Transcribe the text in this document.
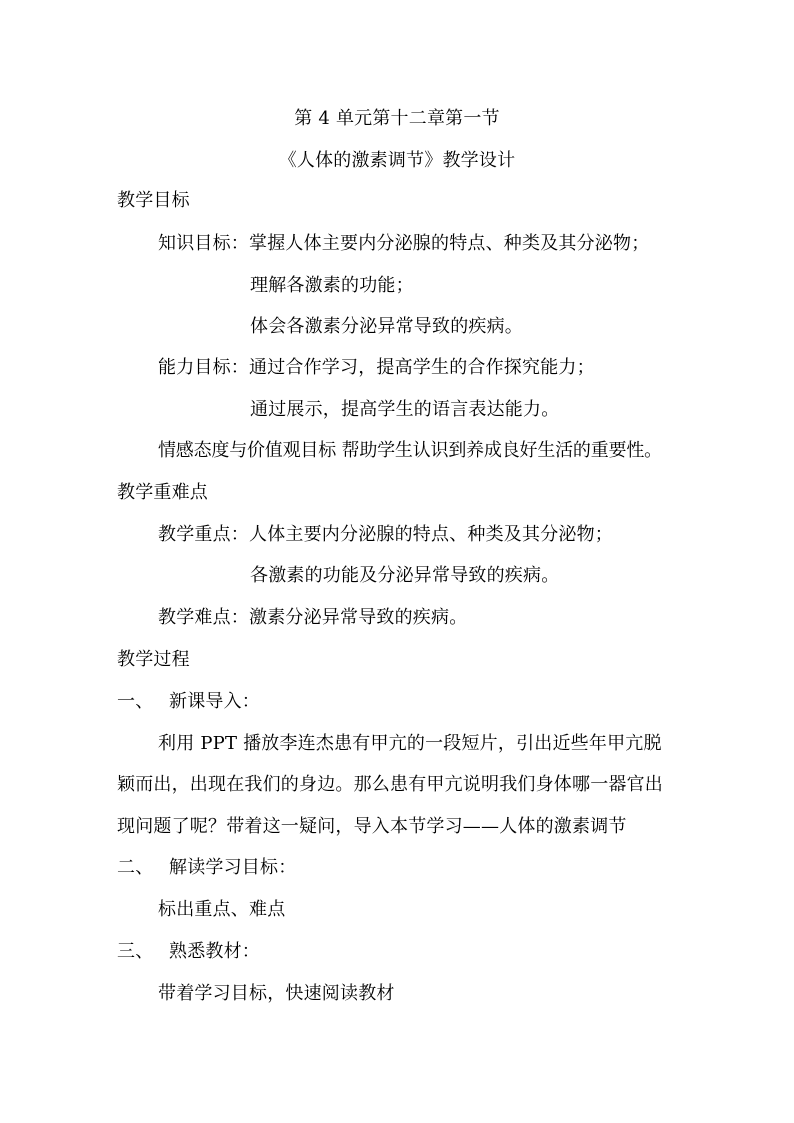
第 4 单元第十二章第一节
《人体的激素调节》教学设计
教学目标
知识目标：掌握人体主要内分泌腺的特点、种类及其分泌物；
理解各激素的功能；
体会各激素分泌异常导致的疾病。
能力目标：通过合作学习，提高学生的合作探究能力；
通过展示，提高学生的语言表达能力。
情感态度与价值观目标 帮助学生认识到养成良好生活的重要性。
教学重难点
教学重点：人体主要内分泌腺的特点、种类及其分泌物；
各激素的功能及分泌异常导致的疾病。
教学难点：激素分泌异常导致的疾病。
教学过程
一、 新课导入：
利用 PPT 播放李连杰患有甲亢的一段短片，引出近些年甲亢脱
颖而出，出现在我们的身边。那么患有甲亢说明我们身体哪一器官出
现问题了呢？带着这一疑问，导入本节学习——人体的激素调节
二、 解读学习目标：
标出重点、难点
三、 熟悉教材：
带着学习目标，快速阅读教材
